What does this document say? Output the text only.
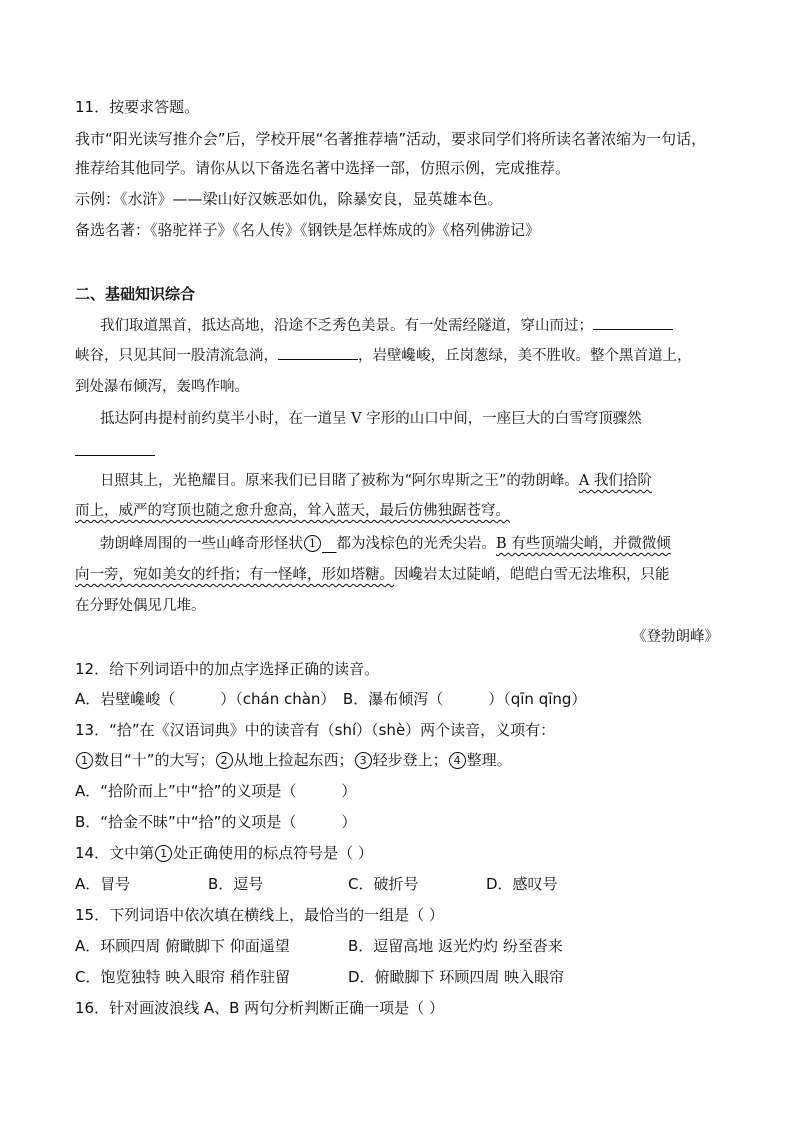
11．按要求答题。
我市“阳光读写推介会”后，学校开展“名著推荐墙”活动，要求同学们将所读名著浓缩为一句话，
推荐给其他同学。请你从以下备选名著中选择一部，仿照示例，完成推荐。
示例：《水浒》——梁山好汉嫉恶如仇，除暴安良，显英雄本色。
备选名著：《骆驼祥子》《名人传》《钢铁是怎样炼成的》《格列佛游记》
二、基础知识综合
我们取道黑首，抵达高地，沿途不乏秀色美景。有一处需经隧道，穿山而过；
峡谷，只见其间一股清流急淌，	，岩壁巉峻，丘岗葱绿，美不胜收。整个黑首道上，
到处瀑布倾泻，轰鸣作响。
抵达阿冉提村前约莫半小时，在一道呈 V 字形的山口中间，一座巨大的白雪穹顶骤然
日照其上，光艳耀目。原来我们已目睹了被称为“阿尔卑斯之王”的勃朗峰。A 我们拾阶
而上，威严的穹顶也随之愈升愈高，耸入蓝天，最后仿佛独踞苍穹。
勃朗峰周围的一些山峰奇形怪状 1　 都为浅棕色的光秃尖岩。B 有些顶端尖峭，并微微倾
向一旁，宛如美女的纤指；有一怪峰，形如塔糖。因巉岩太过陡峭，皑皑白雪无法堆积，只能
在分野处偶见几堆。
《登勃朗峰》
12．给下列词语中的加点字选择正确的读音。
A．岩壁巉峻（　　　）（chán chàn）　B．瀑布倾泻（　　　）（qīn qīng）
13．“拾”在《汉语词典》中的读音有（shí）（shè）两个读音，义项有：
1 数目“十”的大写； 2 从地上捡起东西； 3 轻步登上； 4 整理。
A．“拾阶而上”中“拾”的义项是（　　　）
B．“拾金不昧”中“拾”的义项是（　　　）
14．文中第 1 处正确使用的标点符号是（ ）
A．冒号	B．逗号	C．破折号	D．感叹号
15．下列词语中依次填在横线上，最恰当的一组是（ ）
A．环顾四周 俯瞰脚下 仰面遥望	B．逗留高地 返光灼灼 纷至沓来
C．饱览独特 映入眼帘 稍作驻留	D．俯瞰脚下 环顾四周 映入眼帘
16．针对画波浪线 A、B 两句分析判断正确一项是（ ）
